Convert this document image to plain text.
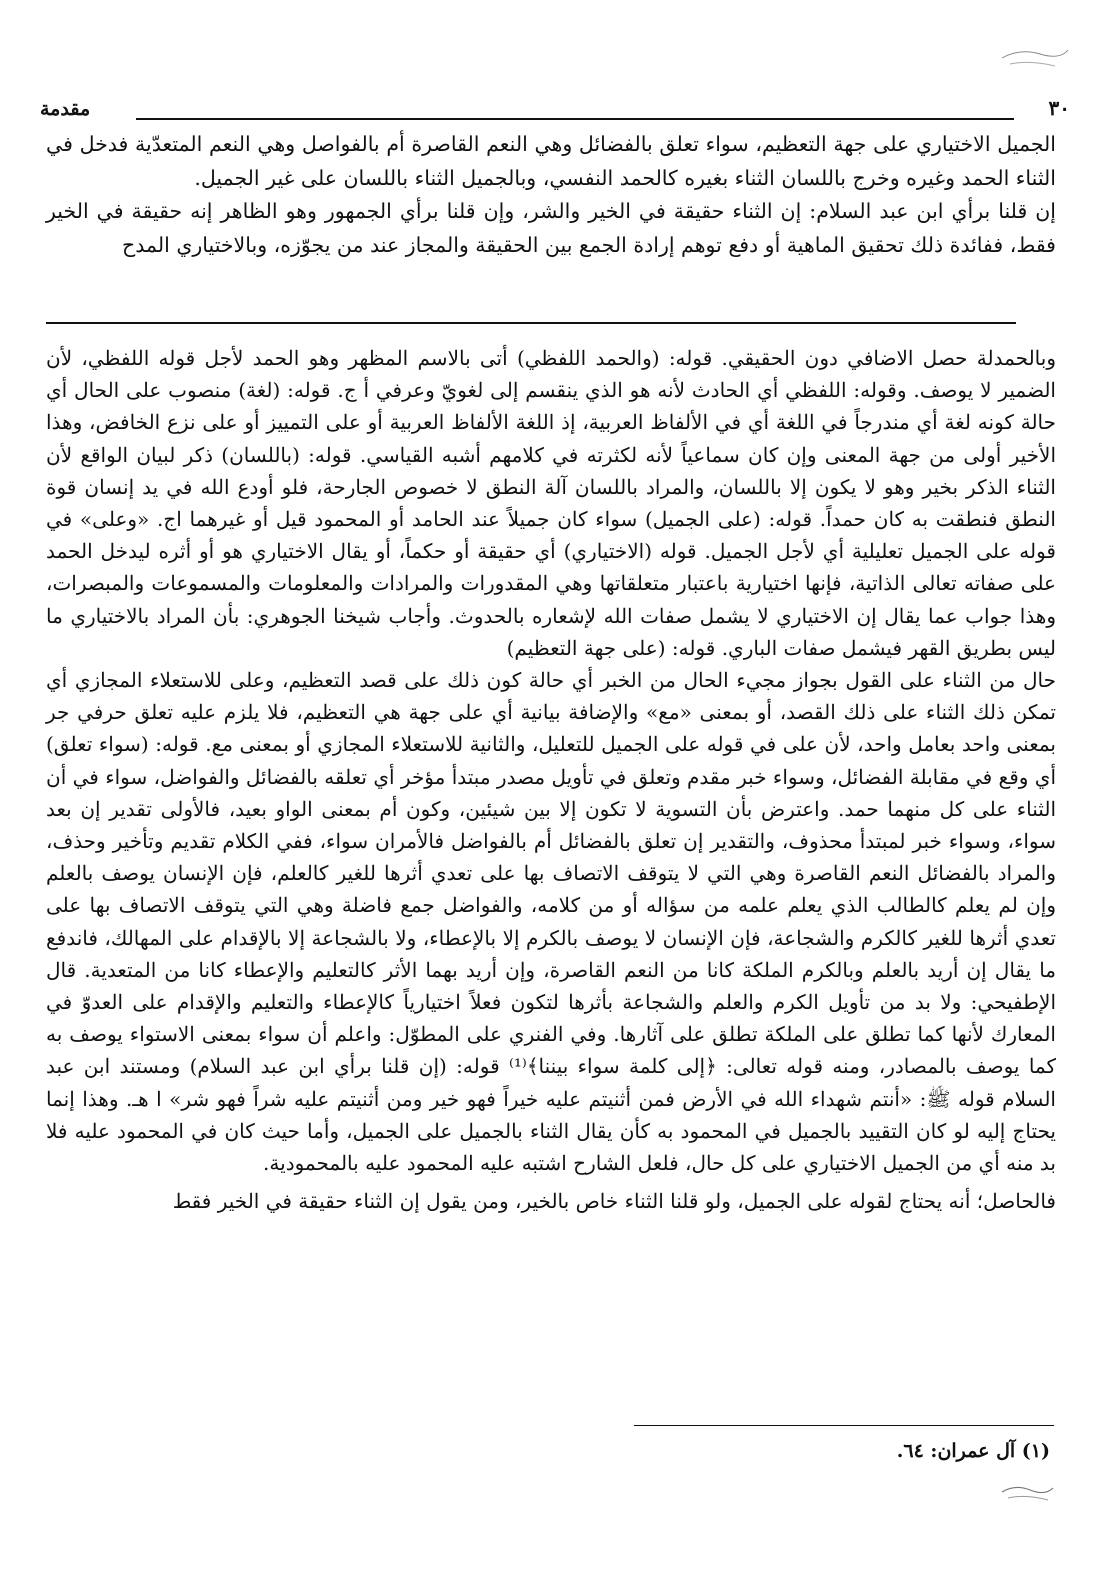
٣٠
مقدمة

الجميل الاختياري على جهة التعظيم، سواء تعلق بالفضائل وهي النعم القاصرة أم بالفواصل وهي النعم المتعدّية فدخل في الثناء الحمد وغيره وخرج باللسان الثناء بغيره كالحمد النفسي، وبالجميل الثناء باللسان على غير الجميل.

إن قلنا برأي ابن عبد السلام: إن الثناء حقيقة في الخير والشر، وإن قلنا برأي الجمهور وهو الظاهر إنه حقيقة في الخير فقط، ففائدة ذلك تحقيق الماهية أو دفع توهم إرادة الجمع بين الحقيقة والمجاز عند من يجوّزه، وبالاختياري المدح

وبالحمدلة حصل الاضافي دون الحقيقي. قوله: (والحمد اللفظي) أتى بالاسم المظهر وهو الحمد لأجل قوله اللفظي، لأن الضمير لا يوصف. وقوله: اللفظي أي الحادث لأنه هو الذي ينقسم إلى لغويّ وعرفي أ ج. قوله: (لغة) منصوب على الحال أي حالة كونه لغة أي مندرجاً في اللغة أي في الألفاظ العربية، إذ اللغة الألفاظ العربية أو على التمييز أو على نزع الخافض، وهذا الأخير أولى من جهة المعنى وإن كان سماعياً لأنه لكثرته في كلامهم أشبه القياسي. قوله: (باللسان) ذكر لبيان الواقع لأن الثناء الذكر بخير وهو لا يكون إلا باللسان، والمراد باللسان آلة النطق لا خصوص الجارحة، فلو أودع الله في يد إنسان قوة النطق فنطقت به كان حمداً. قوله: (على الجميل) سواء كان جميلاً عند الحامد أو المحمود قيل أو غيرهما اج. «وعلى» في قوله على الجميل تعليلية أي لأجل الجميل. قوله (الاختياري) أي حقيقة أو حكماً، أو يقال الاختياري هو أو أثره ليدخل الحمد على صفاته تعالى الذاتية، فإنها اختيارية باعتبار متعلقاتها وهي المقدورات والمرادات والمعلومات والمسموعات والمبصرات، وهذا جواب عما يقال إن الاختياري لا يشمل صفات الله لإشعاره بالحدوث. وأجاب شيخنا الجوهري: بأن المراد بالاختياري ما ليس بطريق القهر فيشمل صفات الباري. قوله: (على جهة التعظيم)

حال من الثناء على القول بجواز مجيء الحال من الخبر أي حالة كون ذلك على قصد التعظيم، وعلى للاستعلاء المجازي أي تمكن ذلك الثناء على ذلك القصد، أو بمعنى «مع» والإضافة بيانية أي على جهة هي التعظيم، فلا يلزم عليه تعلق حرفي جر بمعنى واحد بعامل واحد، لأن على في قوله على الجميل للتعليل، والثانية للاستعلاء المجازي أو بمعنى مع. قوله: (سواء تعلق) أي وقع في مقابلة الفضائل، وسواء خبر مقدم وتعلق في تأويل مصدر مبتدأ مؤخر أي تعلقه بالفضائل والفواضل، سواء في أن الثناء على كل منهما حمد. واعترض بأن التسوية لا تكون إلا بين شيئين، وكون أم بمعنى الواو بعيد، فالأولى تقدير إن بعد سواء، وسواء خبر لمبتدأ محذوف، والتقدير إن تعلق بالفضائل أم بالفواضل فالأمران سواء، ففي الكلام تقديم وتأخير وحذف، والمراد بالفضائل النعم القاصرة وهي التي لا يتوقف الاتصاف بها على تعدي أثرها للغير كالعلم، فإن الإنسان يوصف بالعلم وإن لم يعلم كالطالب الذي يعلم علمه من سؤاله أو من كلامه، والفواضل جمع فاضلة وهي التي يتوقف الاتصاف بها على تعدي أثرها للغير كالكرم والشجاعة، فإن الإنسان لا يوصف بالكرم إلا بالإعطاء، ولا بالشجاعة إلا بالإقدام على المهالك، فاندفع ما يقال إن أريد بالعلم وبالكرم الملكة كانا من النعم القاصرة، وإن أريد بهما الأثر كالتعليم والإعطاء كانا من المتعدية. قال الإطفيحي: ولا بد من تأويل الكرم والعلم والشجاعة بأثرها لتكون فعلاً اختيارياً كالإعطاء والتعليم والإقدام على العدوّ في المعارك لأنها كما تطلق على الملكة تطلق على آثارها. وفي الفنري على المطوّل: واعلم أن سواء بمعنى الاستواء يوصف به كما يوصف بالمصادر، ومنه قوله تعالى: ﴿إلى كلمة سواء بيننا﴾⁽¹⁾ قوله: (إن قلنا برأي ابن عبد السلام) ومستند ابن عبد السلام قوله ﷺ: «أنتم شهداء الله في الأرض فمن أثنيتم عليه خيراً فهو خير ومن أثنيتم عليه شراً فهو شر» ا هـ. وهذا إنما يحتاج إليه لو كان التقييد بالجميل في المحمود به كأن يقال الثناء بالجميل على الجميل، وأما حيث كان في المحمود عليه فلا بد منه أي من الجميل الاختياري على كل حال، فلعل الشارح اشتبه عليه المحمود عليه بالمحمودية.

فالحاصل؛ أنه يحتاج لقوله على الجميل، ولو قلنا الثناء خاص بالخير، ومن يقول إن الثناء حقيقة في الخير فقط

(١) آل عمران: ٦٤.
